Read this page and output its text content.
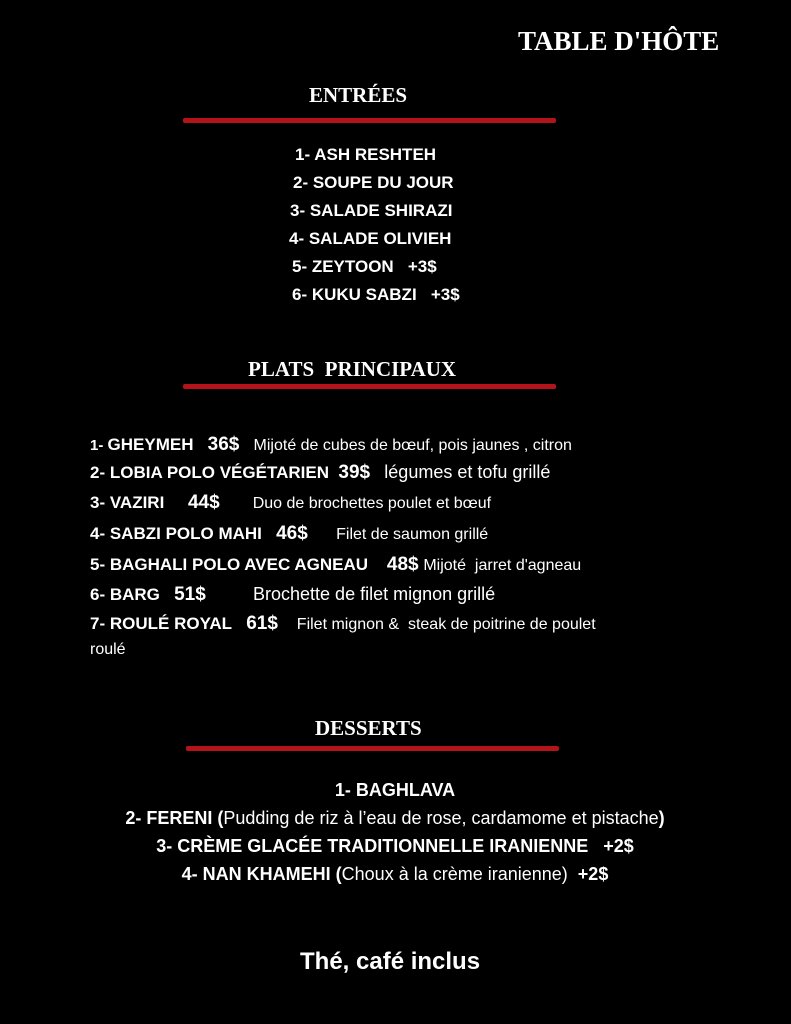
TABLE D'HÔTE
ENTRÉES
1- ASH RESHTEH
2- SOUPE DU JOUR
3- SALADE SHIRAZI
4- SALADE OLIVIEH
5- ZEYTOON   +3$
6- KUKU SABZI   +3$
PLATS  PRINCIPAUX
1- GHEYMEH 36$ Mijoté de cubes de bœuf, pois jaunes , citron
2- LOBIA POLO VÉGÉTARIEN 39$ légumes et tofu grillé
3- VAZIRI 44$ Duo de brochettes poulet et bœuf
4- SABZI POLO MAHI 46$ Filet de saumon grillé
5- BAGHALI POLO AVEC AGNEAU 48$ Mijoté  jarret d'agneau
6- BARG 51$	Brochette de filet mignon grillé
7- ROULÉ ROYAL 61$ Filet mignon &  steak de poitrine de poulet
roulé
DESSERTS
1- BAGHLAVA
2- FERENI (Pudding de riz à l’eau de rose, cardamome et pistache)
3- CRÈME GLACÉE TRADITIONNELLE IRANIENNE   +2$
4- NAN KHAMEHI (Choux à la crème iranienne) +2$
Thé, café inclus
